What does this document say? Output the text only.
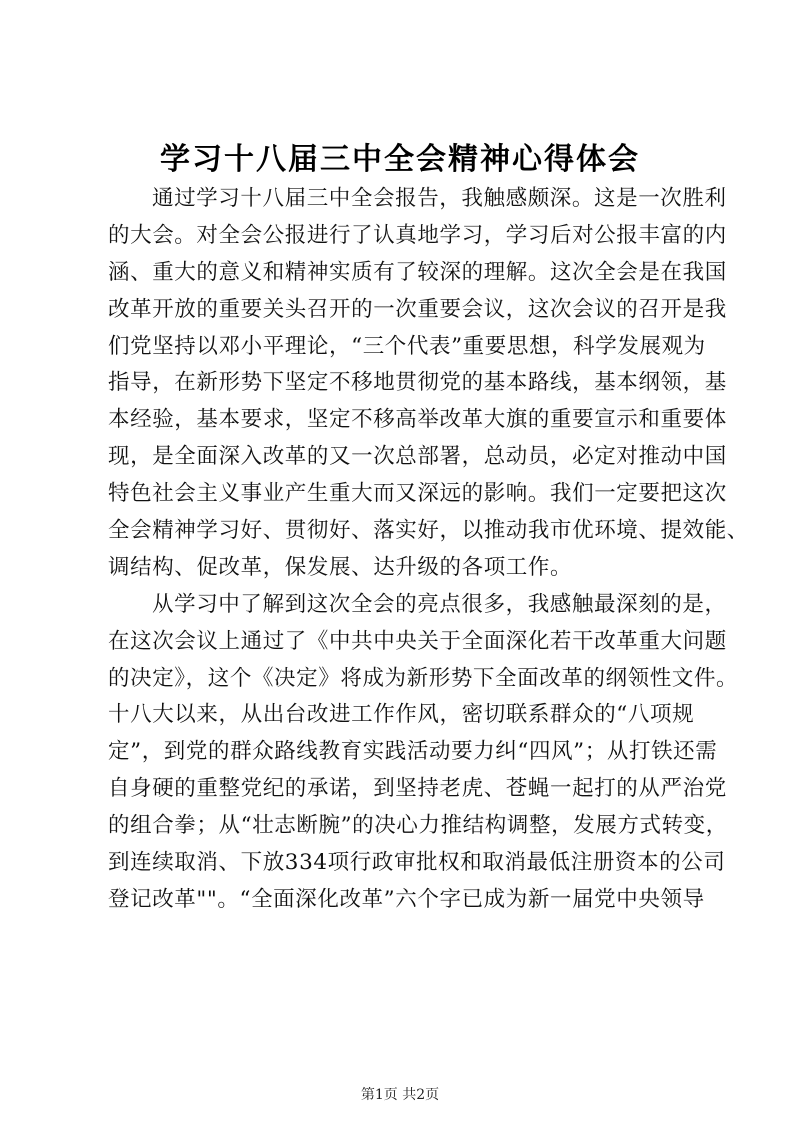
学习十八届三中全会精神心得体会
通过学习十八届三中全会报告，我触感颇深。这是一次胜利
的大会。对全会公报进行了认真地学习，学习后对公报丰富的内
涵、重大的意义和精神实质有了较深的理解。这次全会是在我国
改革开放的重要关头召开的一次重要会议，这次会议的召开是我
们党坚持以邓小平理论，“三个代表”重要思想，科学发展观为
指导，在新形势下坚定不移地贯彻党的基本路线，基本纲领，基
本经验，基本要求，坚定不移高举改革大旗的重要宣示和重要体
现，是全面深入改革的又一次总部署，总动员，必定对推动中国
特色社会主义事业产生重大而又深远的影响。我们一定要把这次
全会精神学习好、贯彻好、落实好，以推动我市优环境、提效能、
调结构、促改革，保发展、达升级的各项工作。
从学习中了解到这次全会的亮点很多，我感触最深刻的是，
在这次会议上通过了《中共中央关于全面深化若干改革重大问题
的决定》，这个《决定》将成为新形势下全面改革的纲领性文件。
十八大以来，从出台改进工作作风，密切联系群众的“八项规
定”，到党的群众路线教育实践活动要力纠“四风”；从打铁还需
自身硬的重整党纪的承诺，到坚持老虎、苍蝇一起打的从严治党
的组合拳；从“壮志断腕”的决心力推结构调整，发展方式转变，
到连续取消、下放334项行政审批权和取消最低注册资本的公司
登记改革""。“全面深化改革”六个字已成为新一届党中央领导
第1页 共2页
